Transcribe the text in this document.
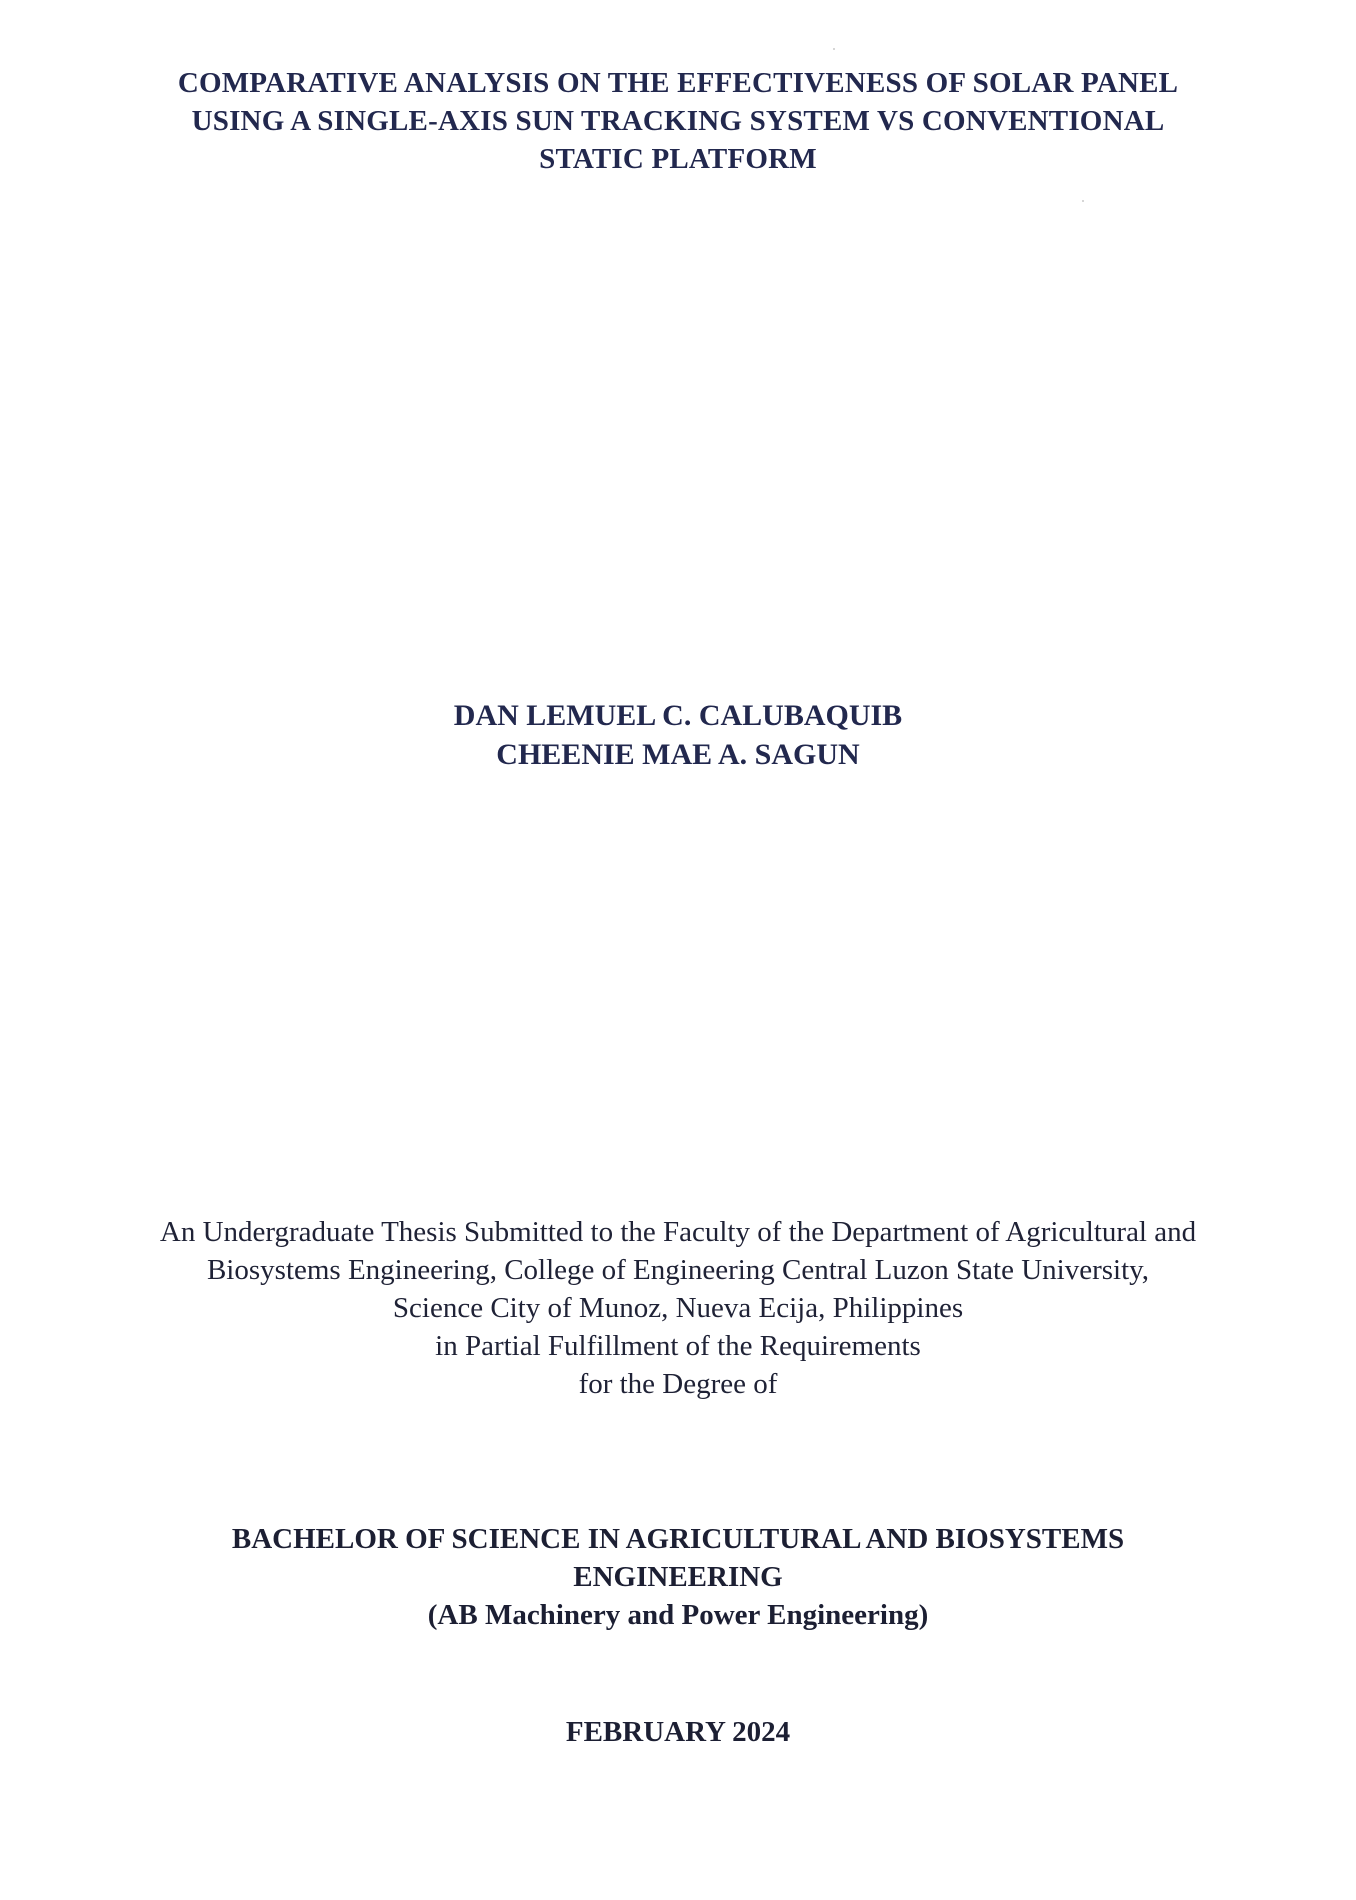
COMPARATIVE ANALYSIS ON THE EFFECTIVENESS OF SOLAR PANEL
USING A SINGLE-AXIS SUN TRACKING SYSTEM VS CONVENTIONAL
STATIC PLATFORM
DAN LEMUEL C. CALUBAQUIB
CHEENIE MAE A. SAGUN
An Undergraduate Thesis Submitted to the Faculty of the Department of Agricultural and
Biosystems Engineering, College of Engineering Central Luzon State University,
Science City of Munoz, Nueva Ecija, Philippines
in Partial Fulfillment of the Requirements
for the Degree of
BACHELOR OF SCIENCE IN AGRICULTURAL AND BIOSYSTEMS
ENGINEERING
(AB Machinery and Power Engineering)
FEBRUARY 2024
